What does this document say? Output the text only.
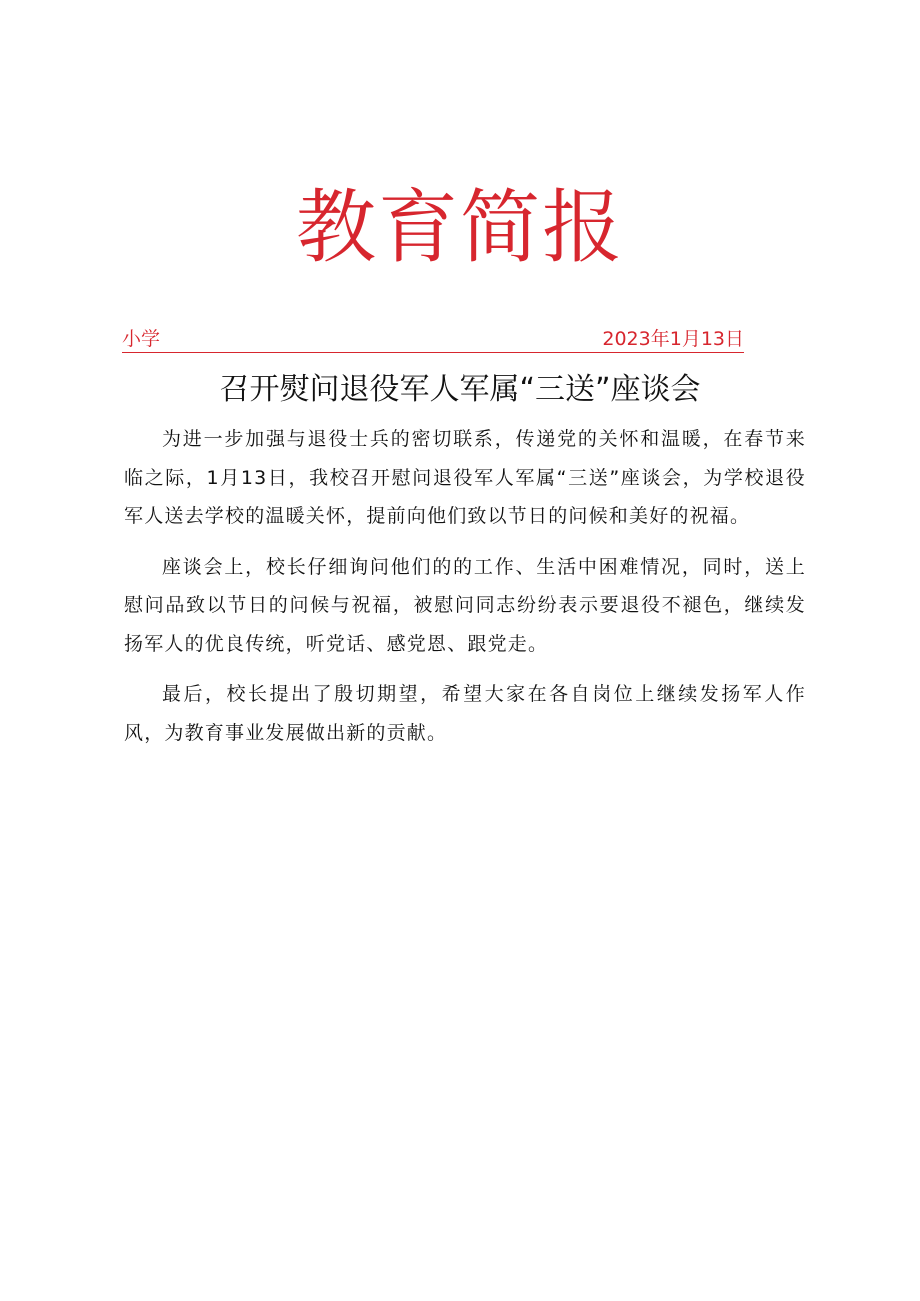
教育简报
小学	2023年1月13日
召开熨问退役军人军属“三送”座谈会

为进一步加强与退役士兵的密切联系，传递党的关怀和温暖，在春节来临之际，1月13日，我校召开慰问退役军人军属“三送”座谈会，为学校退役军人送去学校的温暖关怀，提前向他们致以节日的问候和美好的祝福。

座谈会上，校长仔细询问他们的的工作、生活中困难情况，同时，送上慰问品致以节日的问候与祝福，被慰问同志纷纷表示要退役不褪色，继续发扬军人的优良传统，听党话、感党恩、跟党走。

最后，校长提出了殷切期望，希望大家在各自岗位上继续发扬军人作风，为教育事业发展做出新的贡献。
